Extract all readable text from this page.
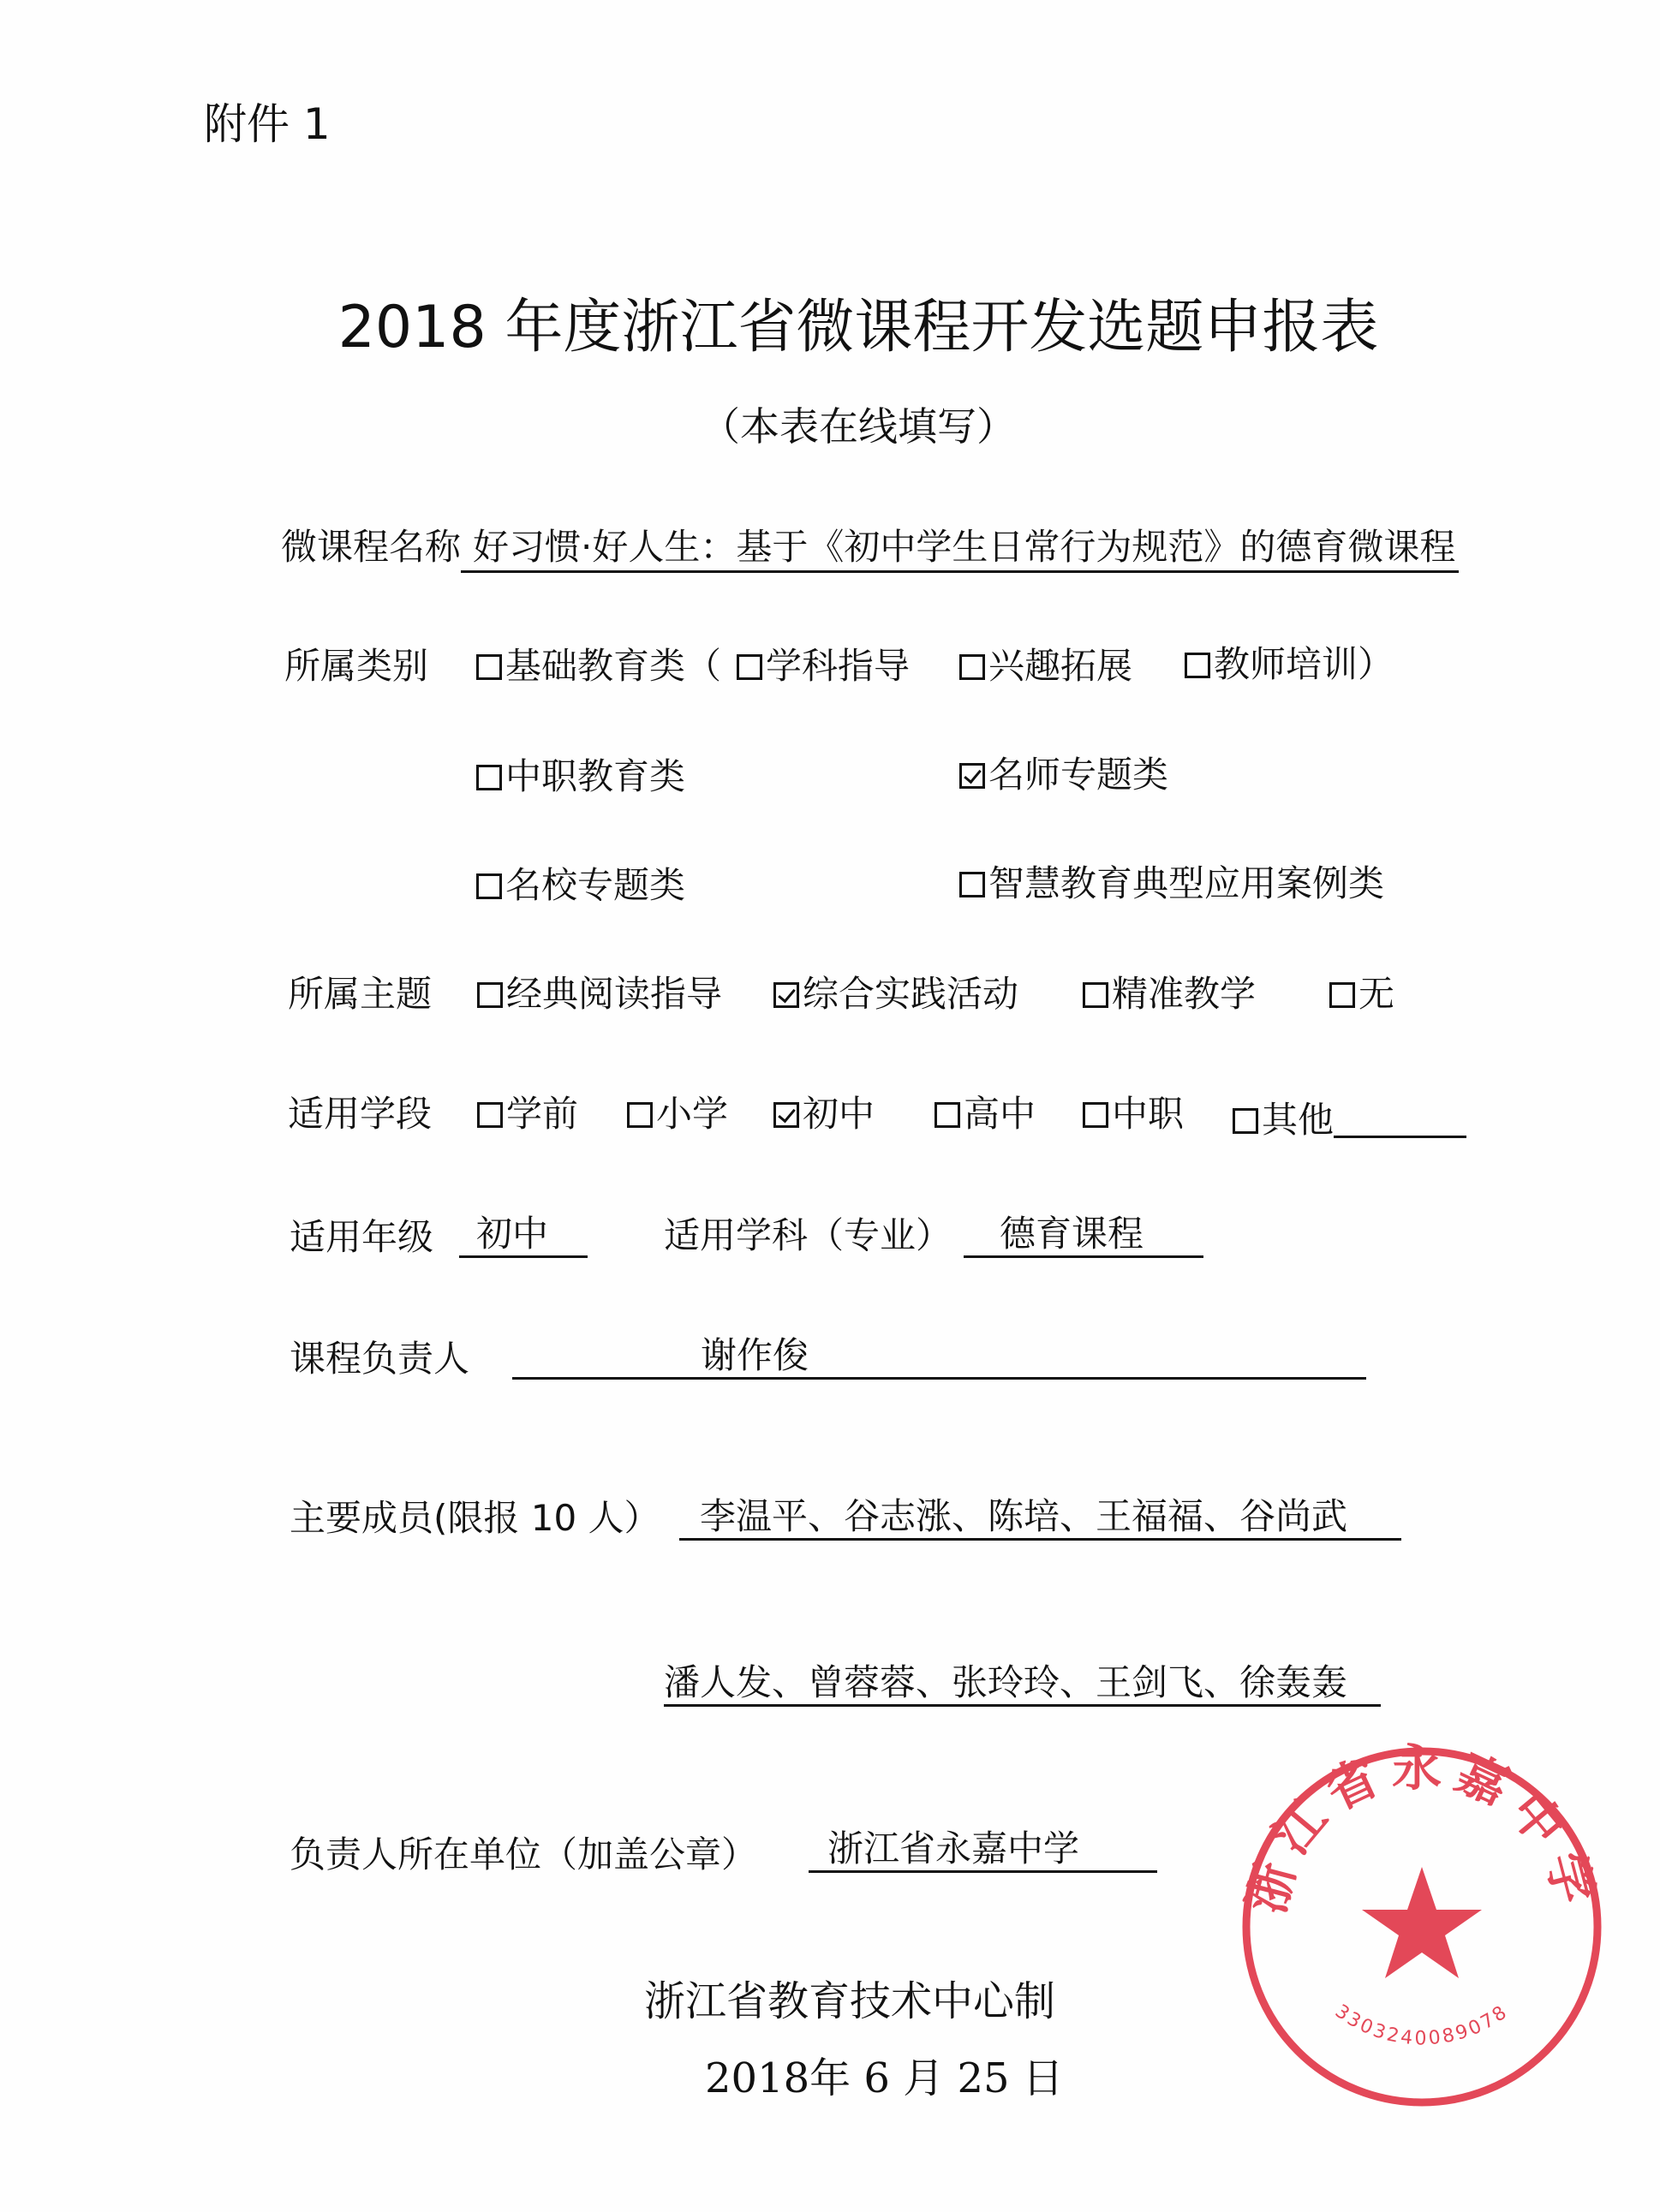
附件 1
2018 年度浙江省微课程开发选题申报表
（本表在线填写）
微课程名称 好习惯·好人生：基于《初中学生日常行为规范》的德育微课程
所属类别	基础教育类（	学科指导	兴趣拓展	教师培训）
中职教育类	名师专题类
名校专题类	智慧教育典型应用案例类
所属主题	经典阅读指导	综合实践活动	精准教学	无
适用学段	学前	小学	初中	高中	中职	其他
适用年级	初中	适用学科（专业）	德育课程
课程负责人	谢作俊
主要成员(限报 10 人）	李温平、谷志涨、陈培、王福福、谷尚武
潘人发、曾蓉蓉、张玲玲、王剑飞、徐轰轰
负责人所在单位（加盖公章）	浙江省永嘉中学
浙江省教育技术中心制
2018年 6 月 25 日
浙江省永嘉中学
3303240089078
